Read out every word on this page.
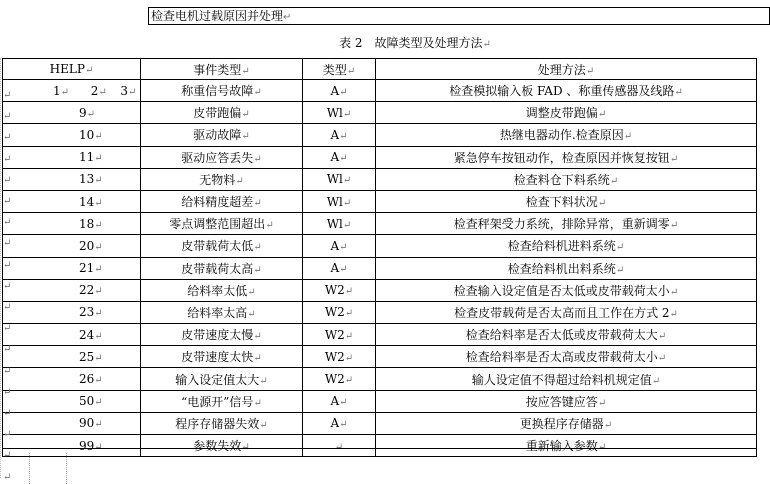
检查电机过载原因并处理↵
表 2　故障类型及处理方法↵
HELP↵	事件类型↵	类型↵	处理方法↵
1↵ 2↵ 3↵	称重信号故障↵	A↵	检查模拟输入板 FAD 、称重传感器及线路↵
9↵	皮带跑偏↵	Wl↵	调整皮带跑偏↵
10↵	驱动故障↵	A↵	热继电器动作.检查原因↵
11↵	驱动应答丢失↵	A↵	紧急停车按钮动作，检查原因并恢复按钮↵
13↵	无物料↵	Wl↵	检查料仓下料系统↵
14↵	给料精度超差↵	Wl↵	检查下料状况↵
18↵	零点调整范围超出↵	Wl↵	检查秤架受力系统，排除异常，重新调零↵
20↵	皮带载荷太低↵	A↵	检查给料机进料系统↵
21↵	皮带载荷太高↵	A↵	检查给料机出料系统↵
22↵	给料率太低↵	W2↵	检查输入设定值是否太低或皮带载荷太小↵
23↵	给料率太高↵	W2↵	检查皮带载荷是否太高而且工作在方式 2↵
24↵	皮带速度太慢↵	W2↵	检查给料率是否太低或皮带载荷太大↵
25↵	皮带速度太快↵	W2↵	检查给料率是否太高或皮带载荷太小↵
26↵	输入设定值太大↵	W2↵	输人设定值不得超过给料机规定值↵
50↵	“电源开”信号↵	A↵	按应答键应答↵
90↵	程序存储器失效↵	A↵	更换程序存储器↵
99↵	参数失效↵	↵	重新输入参数↵
↵
↵
↵
↵
↵
↵
↵
↵
↵
↵
↵
↵
↵
↵
↵
↵
↵
↵
↵
